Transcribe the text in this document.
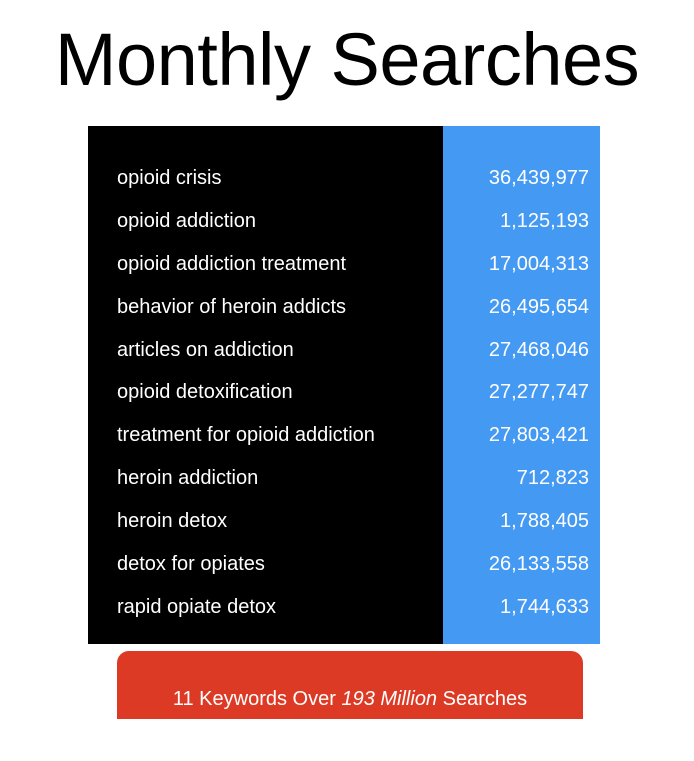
Monthly Searches
opioid crisis	36,439,977
opioid addiction	1,125,193
opioid addiction treatment	17,004,313
behavior of heroin addicts	26,495,654
articles on addiction	27,468,046
opioid detoxification	27,277,747
treatment for opioid addiction	27,803,421
heroin addiction	712,823
heroin detox	1,788,405
detox for opiates	26,133,558
rapid opiate detox	1,744,633
11 Keywords Over 193 Million Searches
